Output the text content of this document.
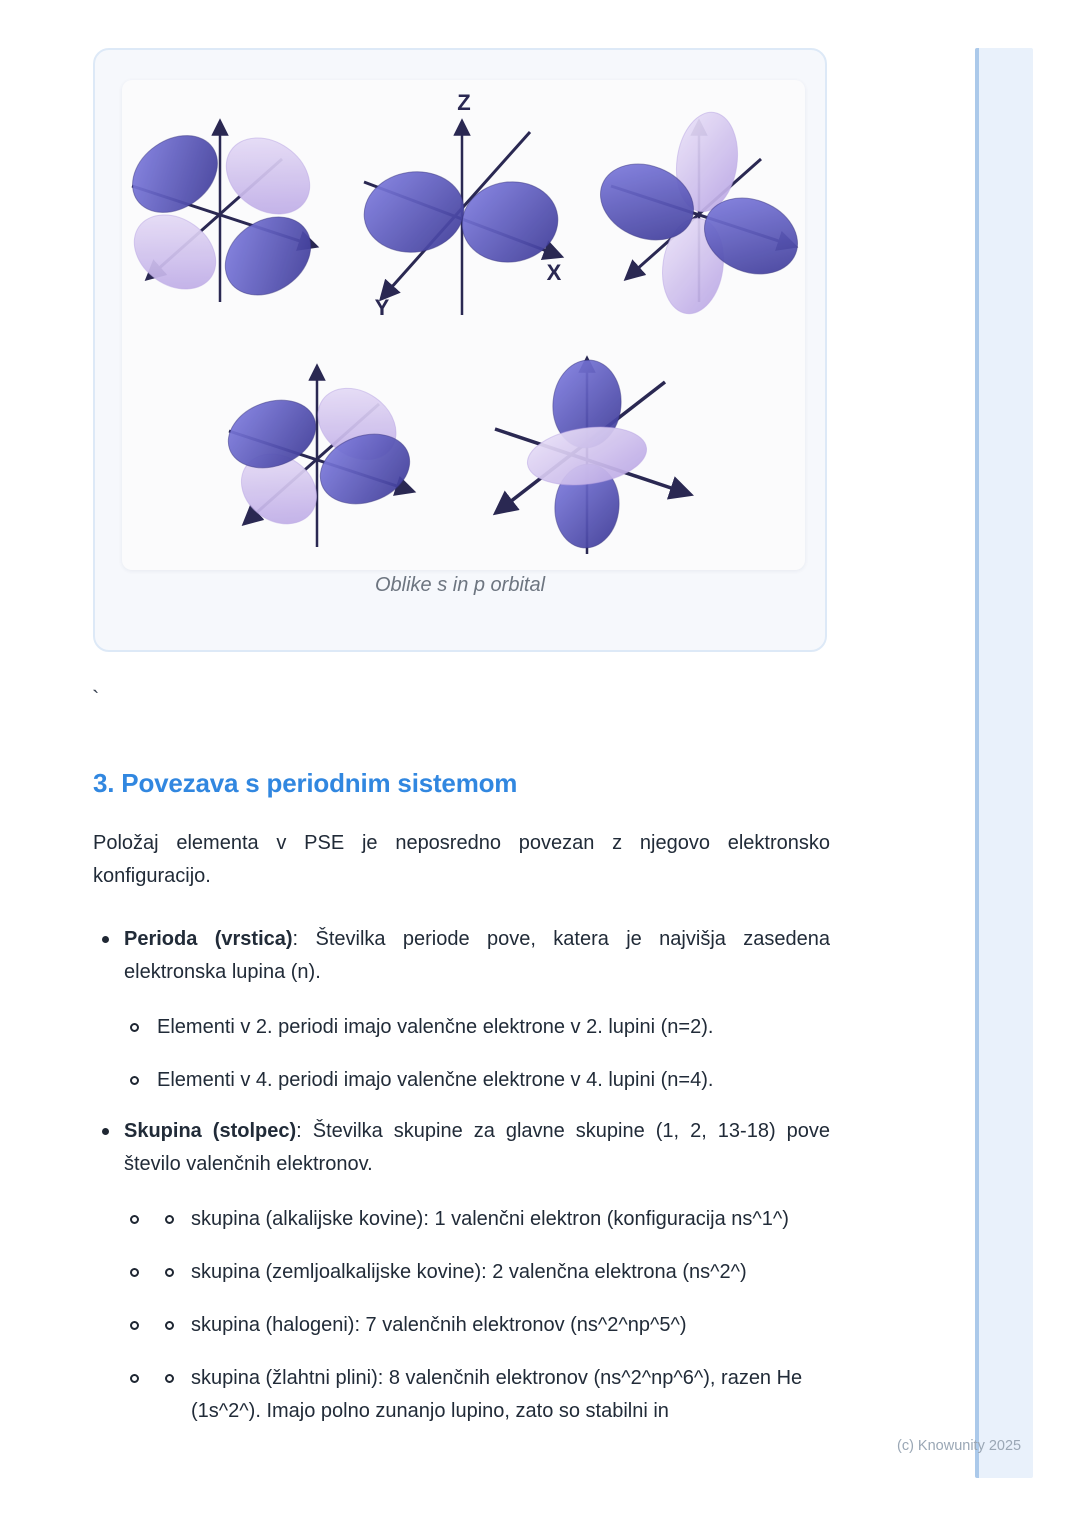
Z
X
Y
Oblike s in p orbital
`
3. Povezava s periodnim sistemom

Položaj elementa v PSE je neposredno povezan z njegovo elektronsko konfiguracijo.

Perioda (vrstica): Številka periode pove, katera je najvišja zasedena elektronska lupina (n).
Elementi v 2. periodi imajo valenčne elektrone v 2. lupini (n=2).
Elementi v 4. periodi imajo valenčne elektrone v 4. lupini (n=4).
Skupina (stolpec): Številka skupine za glavne skupine (1, 2, 13-18) pove število valenčnih elektronov.
skupina (alkalijske kovine): 1 valenčni elektron (konfiguracija ns^1^)
skupina (zemljoalkalijske kovine): 2 valenčna elektrona (ns^2^)
skupina (halogeni): 7 valenčnih elektronov (ns^2^np^5^)
skupina (žlahtni plini): 8 valenčnih elektronov (ns^2^np^6^), razen He (1s^2^). Imajo polno zunanjo lupino, zato so stabilni in
(c) Knowunity 2025
